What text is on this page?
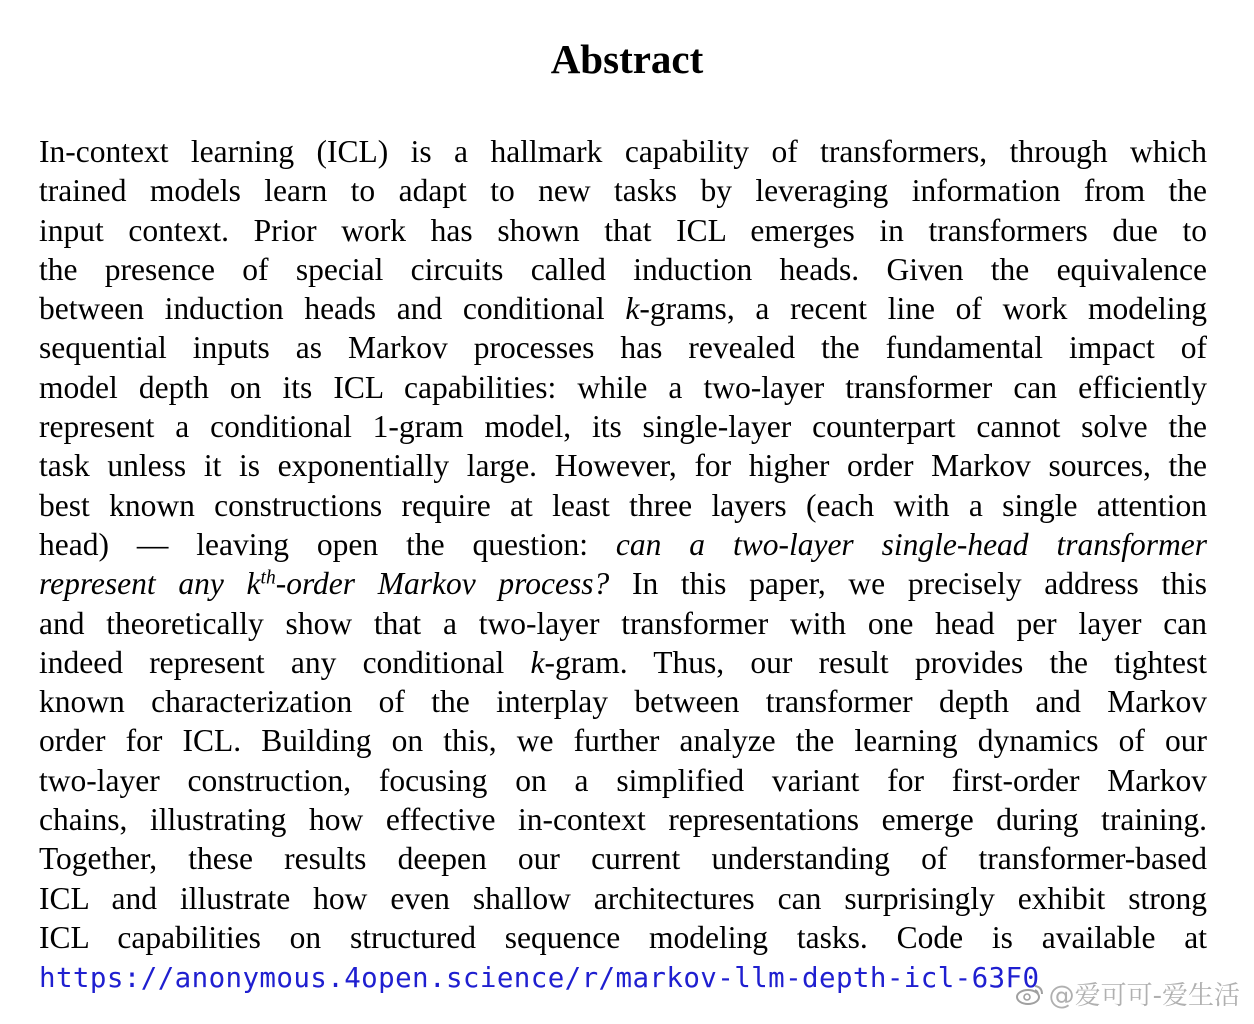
Abstract
In-context learning (ICL) is a hallmark capability of transformers, through which
trained models learn to adapt to new tasks by leveraging information from the
input context. Prior work has shown that ICL emerges in transformers due to
the presence of special circuits called induction heads. Given the equivalence
between induction heads and conditional k-grams, a recent line of work modeling
sequential inputs as Markov processes has revealed the fundamental impact of
model depth on its ICL capabilities: while a two-layer transformer can efficiently
represent a conditional 1-gram model, its single-layer counterpart cannot solve the
task unless it is exponentially large. However, for higher order Markov sources, the
best known constructions require at least three layers (each with a single attention
head) — leaving open the question: can a two-layer single-head transformer
represent any $k^{th}$-order Markov process? In this paper, we precisely address this
and theoretically show that a two-layer transformer with one head per layer can
indeed represent any conditional k-gram. Thus, our result provides the tightest
known characterization of the interplay between transformer depth and Markov
order for ICL. Building on this, we further analyze the learning dynamics of our
two-layer construction, focusing on a simplified variant for first-order Markov
chains, illustrating how effective in-context representations emerge during training.
Together, these results deepen our current understanding of transformer-based
ICL and illustrate how even shallow architectures can surprisingly exhibit strong
ICL capabilities on structured sequence modeling tasks. Code is available at
https://anonymous.4open.science/r/markov-llm-depth-icl-63F0
@爱可可-爱生活
